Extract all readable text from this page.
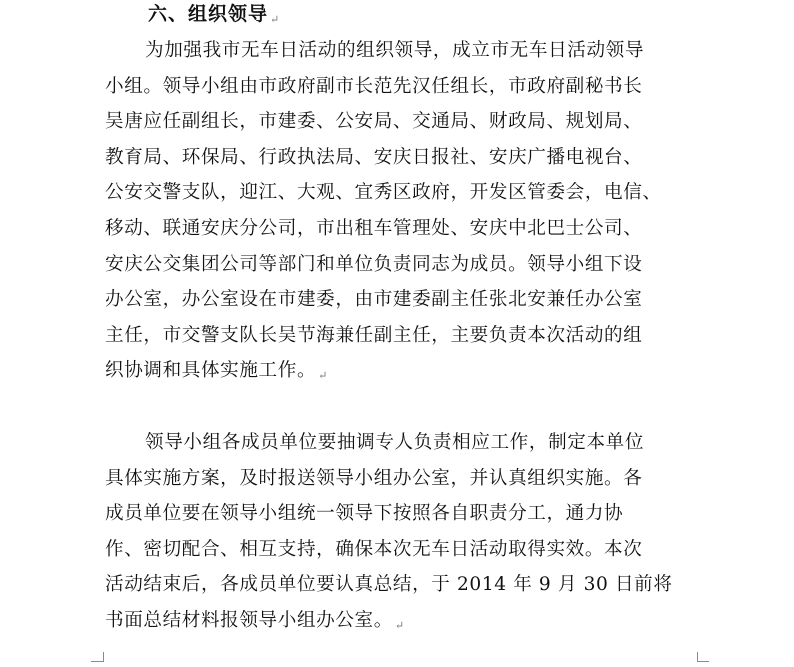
六、组织领导 ↵
为加强我市无车日活动的组织领导，成立市无车日活动领导
小组。领导小组由市政府副市长范先汉任组长，市政府副秘书长
吴唐应任副组长，市建委、公安局、交通局、财政局、规划局、
教育局、环保局、行政执法局、安庆日报社、安庆广播电视台、
公安交警支队，迎江、大观、宜秀区政府，开发区管委会，电信、
移动、联通安庆分公司，市出租车管理处、安庆中北巴士公司、
安庆公交集团公司等部门和单位负责同志为成员。领导小组下设
办公室，办公室设在市建委，由市建委副主任张北安兼任办公室
主任，市交警支队长吴节海兼任副主任，主要负责本次活动的组
织协调和具体实施工作。 ↵
领导小组各成员单位要抽调专人负责相应工作，制定本单位
具体实施方案，及时报送领导小组办公室，并认真组织实施。各
成员单位要在领导小组统一领导下按照各自职责分工，通力协
作、密切配合、相互支持，确保本次无车日活动取得实效。本次
活动结束后，各成员单位要认真总结，于 2014 年 9 月 30 日前将
书面总结材料报领导小组办公室。 ↵
